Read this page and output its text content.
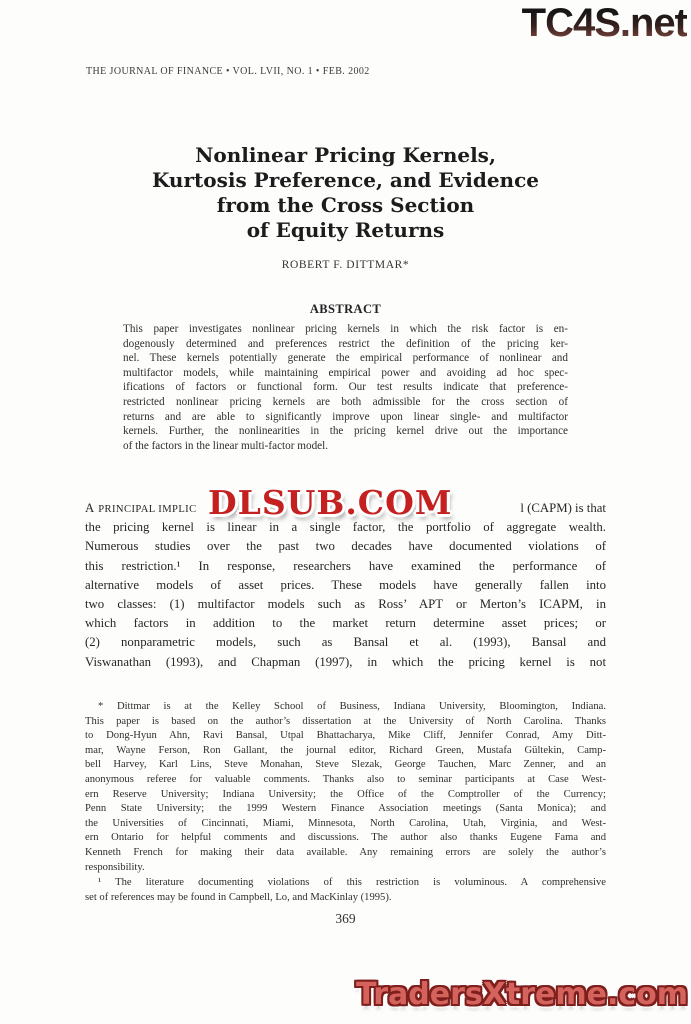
THE JOURNAL OF FINANCE • VOL. LVII, NO. 1 • FEB. 2002
Nonlinear Pricing Kernels,
Kurtosis Preference, and Evidence
from the Cross Section
of Equity Returns
ROBERT F. DITTMAR*
ABSTRACT
This paper investigates nonlinear pricing kernels in which the risk factor is en-
dogenously determined and preferences restrict the definition of the pricing ker-
nel. These kernels potentially generate the empirical performance of nonlinear and
multifactor models, while maintaining empirical power and avoiding ad hoc spec-
ifications of factors or functional form. Our test results indicate that preference-
restricted nonlinear pricing kernels are both admissible for the cross section of
returns and are able to significantly improve upon linear single- and multifactor
kernels. Further, the nonlinearities in the pricing kernel drive out the importance
of the factors in the linear multi-factor model.
A PRINCIPAL IMPLIC	l (CAPM) is that
the pricing kernel is linear in a single factor, the portfolio of aggregate wealth.
Numerous studies over the past two decades have documented violations of
this restriction.¹ In response, researchers have examined the performance of
alternative models of asset prices. These models have generally fallen into
two classes: (1) multifactor models such as Ross’ APT or Merton’s ICAPM, in
which factors in addition to the market return determine asset prices; or
(2) nonparametric models, such as Bansal et al. (1993), Bansal and
Viswanathan (1993), and Chapman (1997), in which the pricing kernel is not
* Dittmar is at the Kelley School of Business, Indiana University, Bloomington, Indiana.
This paper is based on the author’s dissertation at the University of North Carolina. Thanks
to Dong-Hyun Ahn, Ravi Bansal, Utpal Bhattacharya, Mike Cliff, Jennifer Conrad, Amy Ditt-
mar, Wayne Ferson, Ron Gallant, the journal editor, Richard Green, Mustafa Gültekin, Camp-
bell Harvey, Karl Lins, Steve Monahan, Steve Slezak, George Tauchen, Marc Zenner, and an
anonymous referee for valuable comments. Thanks also to seminar participants at Case West-
ern Reserve University; Indiana University; the Office of the Comptroller of the Currency;
Penn State University; the 1999 Western Finance Association meetings (Santa Monica); and
the Universities of Cincinnati, Miami, Minnesota, North Carolina, Utah, Virginia, and West-
ern Ontario for helpful comments and discussions. The author also thanks Eugene Fama and
Kenneth French for making their data available. Any remaining errors are solely the author’s
responsibility.
¹ The literature documenting violations of this restriction is voluminous. A comprehensive
set of references may be found in Campbell, Lo, and MacKinlay (1995).
369
TC4S.net
DLSUB.COM
TradersXtreme.com
